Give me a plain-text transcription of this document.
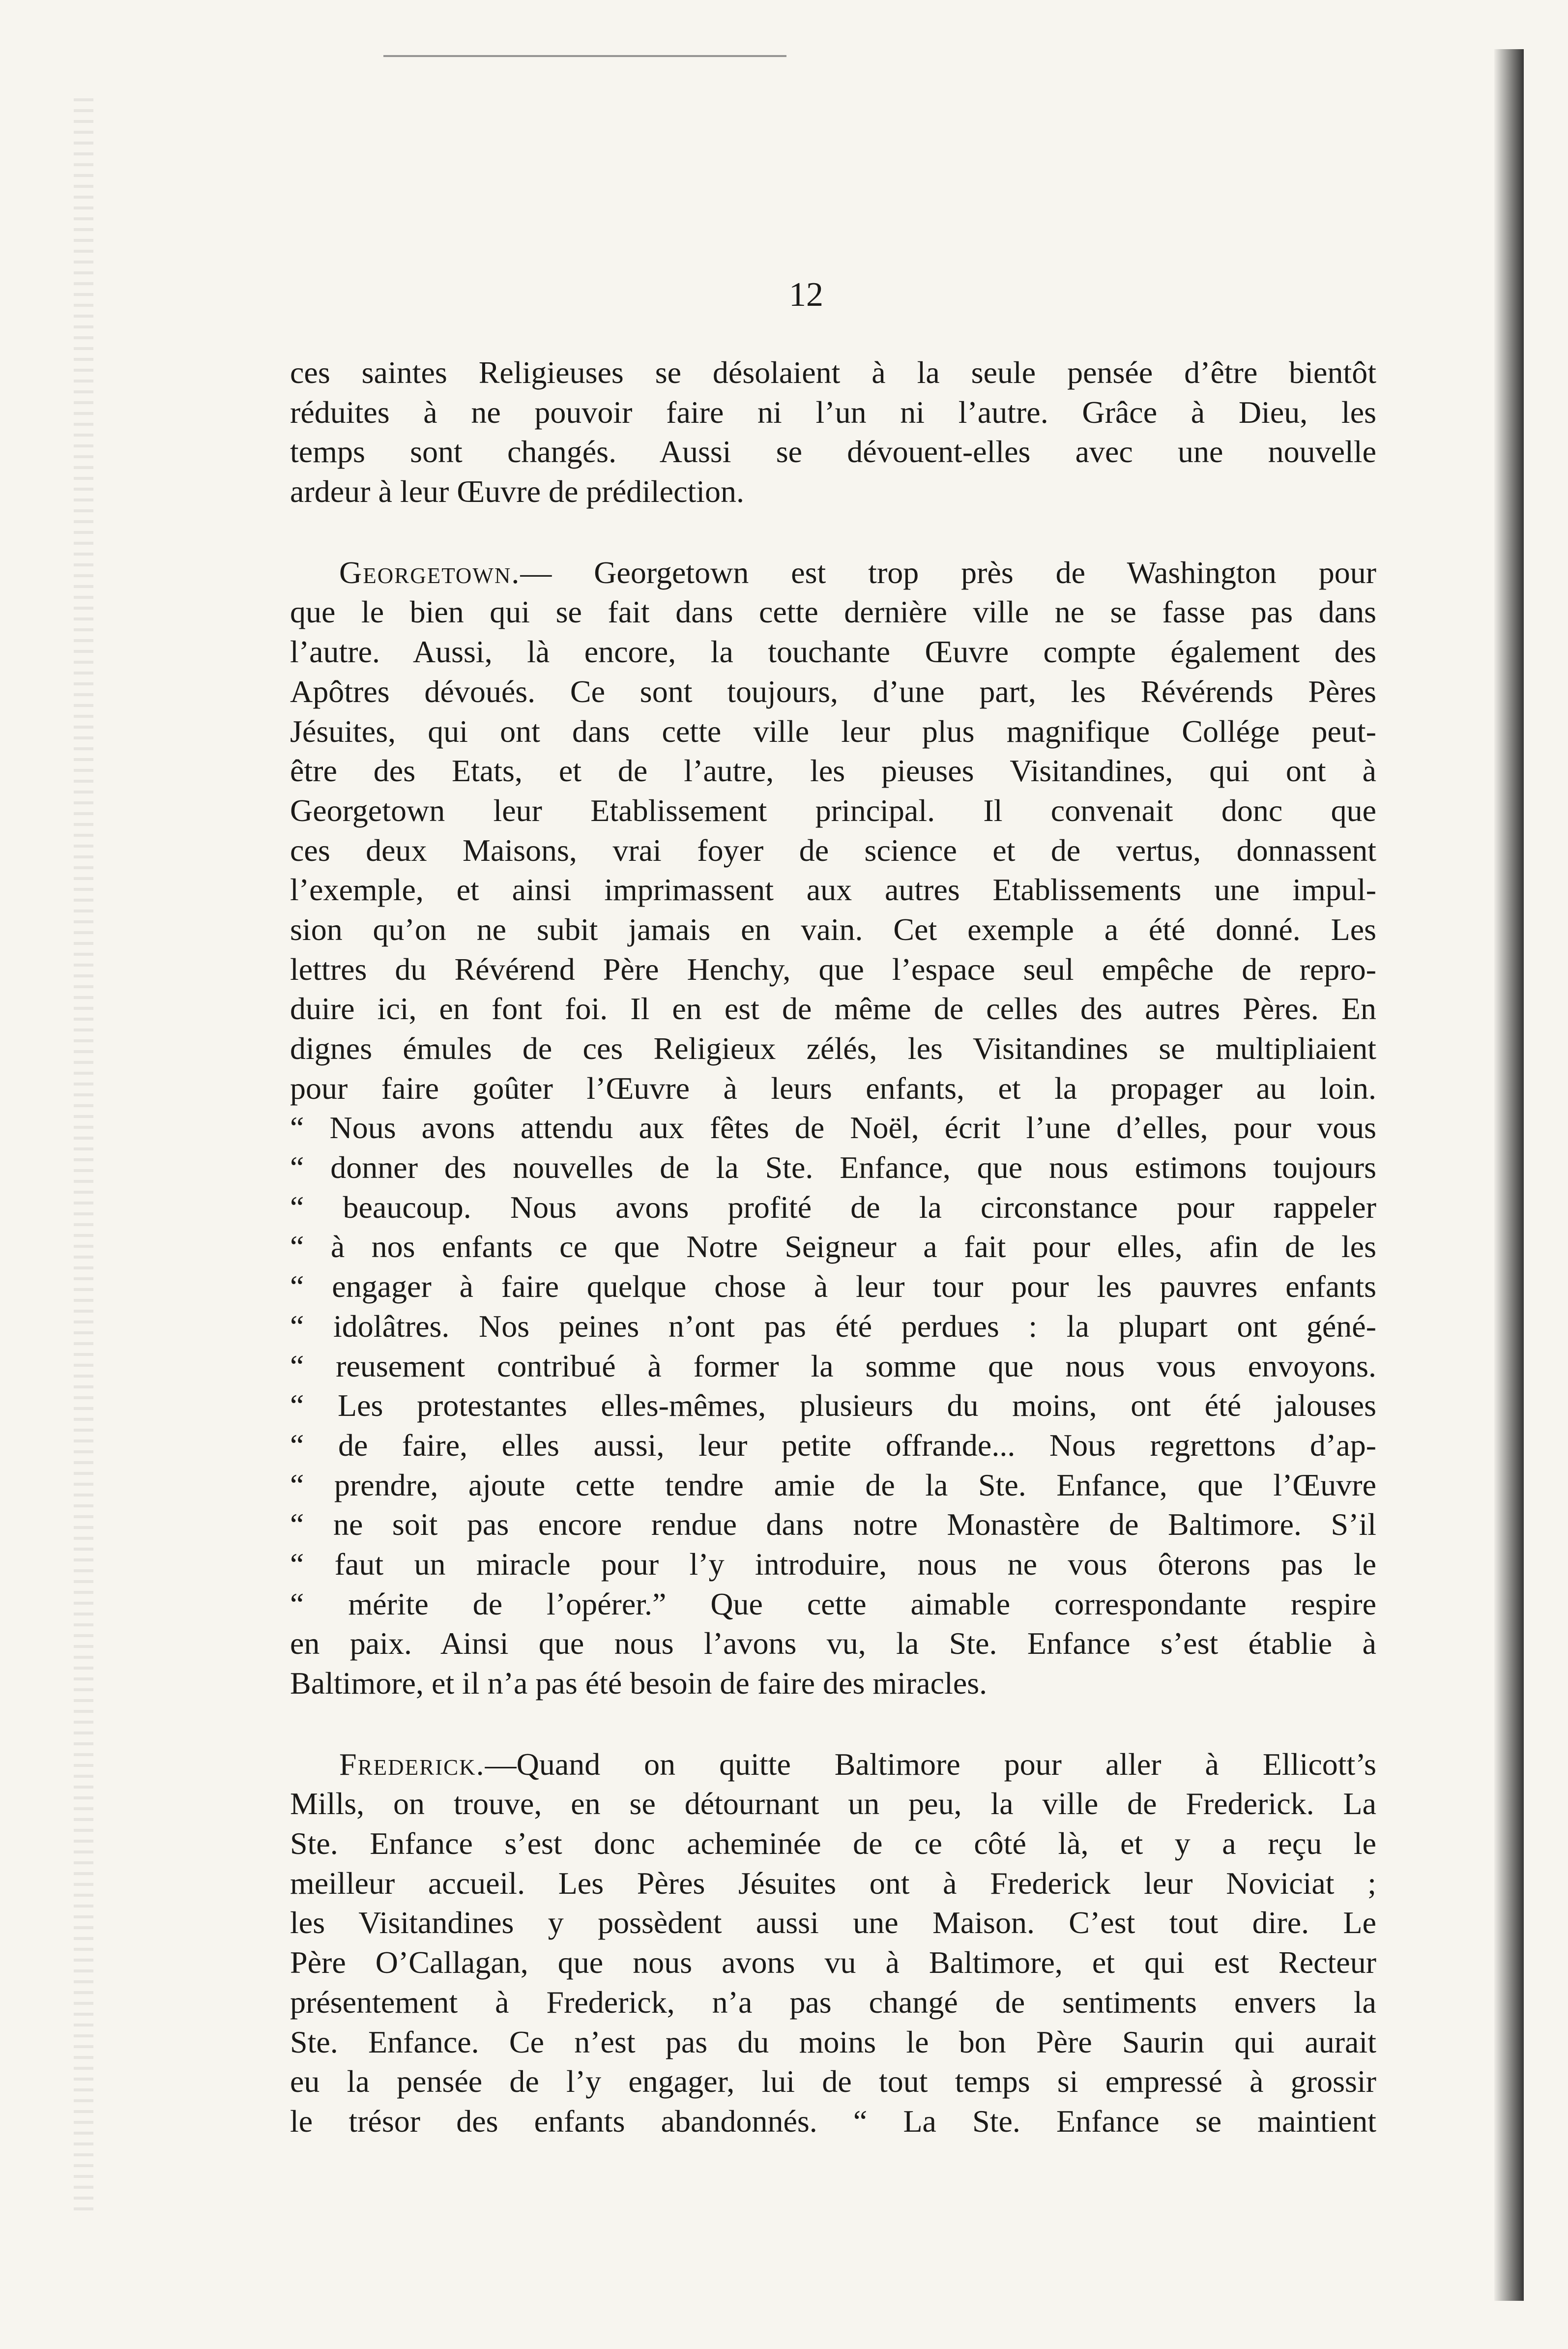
12
ces saintes Religieuses se désolaient à la seule pensée d’être bientôt
réduites à ne pouvoir faire ni l’un ni l’autre. Grâce à Dieu, les
temps sont changés. Aussi se dévouent-elles avec une nouvelle
ardeur à leur Œuvre de prédilection.
Georgetown.— Georgetown est trop près de Washington pour
que le bien qui se fait dans cette dernière ville ne se fasse pas dans
l’autre. Aussi, là encore, la touchante Œuvre compte également des
Apôtres dévoués. Ce sont toujours, d’une part, les Révérends Pères
Jésuites, qui ont dans cette ville leur plus magnifique Collége peut-
être des Etats, et de l’autre, les pieuses Visitandines, qui ont à
Georgetown leur Etablissement principal. Il convenait donc que
ces deux Maisons, vrai foyer de science et de vertus, donnassent
l’exemple, et ainsi imprimassent aux autres Etablissements une impul-
sion qu’on ne subit jamais en vain. Cet exemple a été donné. Les
lettres du Révérend Père Henchy, que l’espace seul empêche de repro-
duire ici, en font foi. Il en est de même de celles des autres Pères. En
dignes émules de ces Religieux zélés, les Visitandines se multipliaient
pour faire goûter l’Œuvre à leurs enfants, et la propager au loin.
“ Nous avons attendu aux fêtes de Noël, écrit l’une d’elles, pour vous
“ donner des nouvelles de la Ste. Enfance, que nous estimons toujours
“ beaucoup. Nous avons profité de la circonstance pour rappeler
“ à nos enfants ce que Notre Seigneur a fait pour elles, afin de les
“ engager à faire quelque chose à leur tour pour les pauvres enfants
“ idolâtres. Nos peines n’ont pas été perdues : la plupart ont géné-
“ reusement contribué à former la somme que nous vous envoyons.
“ Les protestantes elles-mêmes, plusieurs du moins, ont été jalouses
“ de faire, elles aussi, leur petite offrande... Nous regrettons d’ap-
“ prendre, ajoute cette tendre amie de la Ste. Enfance, que l’Œuvre
“ ne soit pas encore rendue dans notre Monastère de Baltimore. S’il
“ faut un miracle pour l’y introduire, nous ne vous ôterons pas le
“ mérite de l’opérer.” Que cette aimable correspondante respire
en paix. Ainsi que nous l’avons vu, la Ste. Enfance s’est établie à
Baltimore, et il n’a pas été besoin de faire des miracles.
Frederick.—Quand on quitte Baltimore pour aller à Ellicott’s
Mills, on trouve, en se détournant un peu, la ville de Frederick. La
Ste. Enfance s’est donc acheminée de ce côté là, et y a reçu le
meilleur accueil. Les Pères Jésuites ont à Frederick leur Noviciat ;
les Visitandines y possèdent aussi une Maison. C’est tout dire. Le
Père O’Callagan, que nous avons vu à Baltimore, et qui est Recteur
présentement à Frederick, n’a pas changé de sentiments envers la
Ste. Enfance. Ce n’est pas du moins le bon Père Saurin qui aurait
eu la pensée de l’y engager, lui de tout temps si empressé à grossir
le trésor des enfants abandonnés. “ La Ste. Enfance se maintient
